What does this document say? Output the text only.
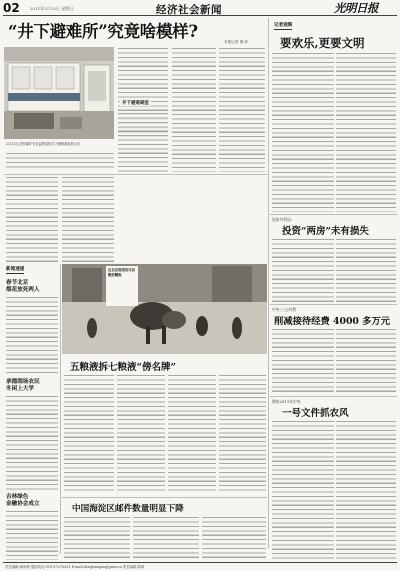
02	2011年2月13日 星期日	经济社会新闻	光明日报
“井下避难所”究竟啥模样?
本报记者 谭 萍
2月12日,国家煤矿安全监察局的井下避难硐室展示区
井下避难硐室
记者观察
要欢乐,更要文明
新闻速递
春节北京
烟花放死两人
承德围场农民
冬闲上大学
吉林绿色
金融协会成立
在北京南苑的市民燃放鞭炮
五粮液拆七粮液“傍名牌”
中国海淀区邮件数量明显下降
国家外管局:
投资“两房”未有损失
中央:三公经费
削减接待经费 4000 多万元
聚焦2011年中央
一号文件抓农风
责任编辑:柯雨顿 版面电话:010-67078301 E-mail:dongbianjun@gmw.cn 美术编辑:陈明
